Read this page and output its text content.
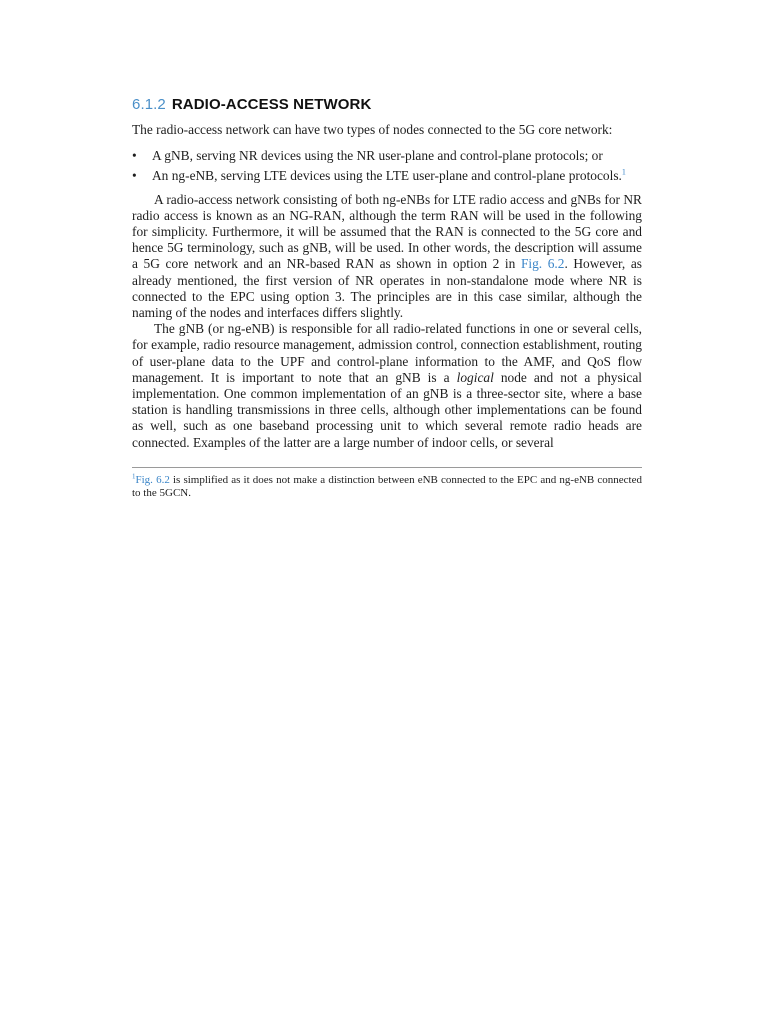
6.1.2 RADIO-ACCESS NETWORK

The radio-access network can have two types of nodes connected to the 5G core network:

• A gNB, serving NR devices using the NR user-plane and control-plane protocols; or
• An ng-eNB, serving LTE devices using the LTE user-plane and control-plane protocols.$^1$

A radio-access network consisting of both ng-eNBs for LTE radio access and gNBs for NR radio access is known as an NG-RAN, although the term RAN will be used in the following for simplicity. Furthermore, it will be assumed that the RAN is connected to the 5G core and hence 5G terminology, such as gNB, will be used. In other words, the description will assume a 5G core network and an NR-based RAN as shown in option 2 in Fig. 6.2. However, as already mentioned, the first version of NR operates in non-standalone mode where NR is connected to the EPC using option 3. The principles are in this case similar, although the naming of the nodes and interfaces differs slightly.

The gNB (or ng-eNB) is responsible for all radio-related functions in one or several cells, for example, radio resource management, admission control, connection establishment, routing of user-plane data to the UPF and control-plane information to the AMF, and QoS flow management. It is important to note that an gNB is a logical node and not a physical implementation. One common implementation of an gNB is a three-sector site, where a base station is handling transmissions in three cells, although other implementations can be found as well, such as one baseband processing unit to which several remote radio heads are connected. Examples of the latter are a large number of indoor cells, or several

$^1$Fig. 6.2 is simplified as it does not make a distinction between eNB connected to the EPC and ng-eNB connected to the 5GCN.
